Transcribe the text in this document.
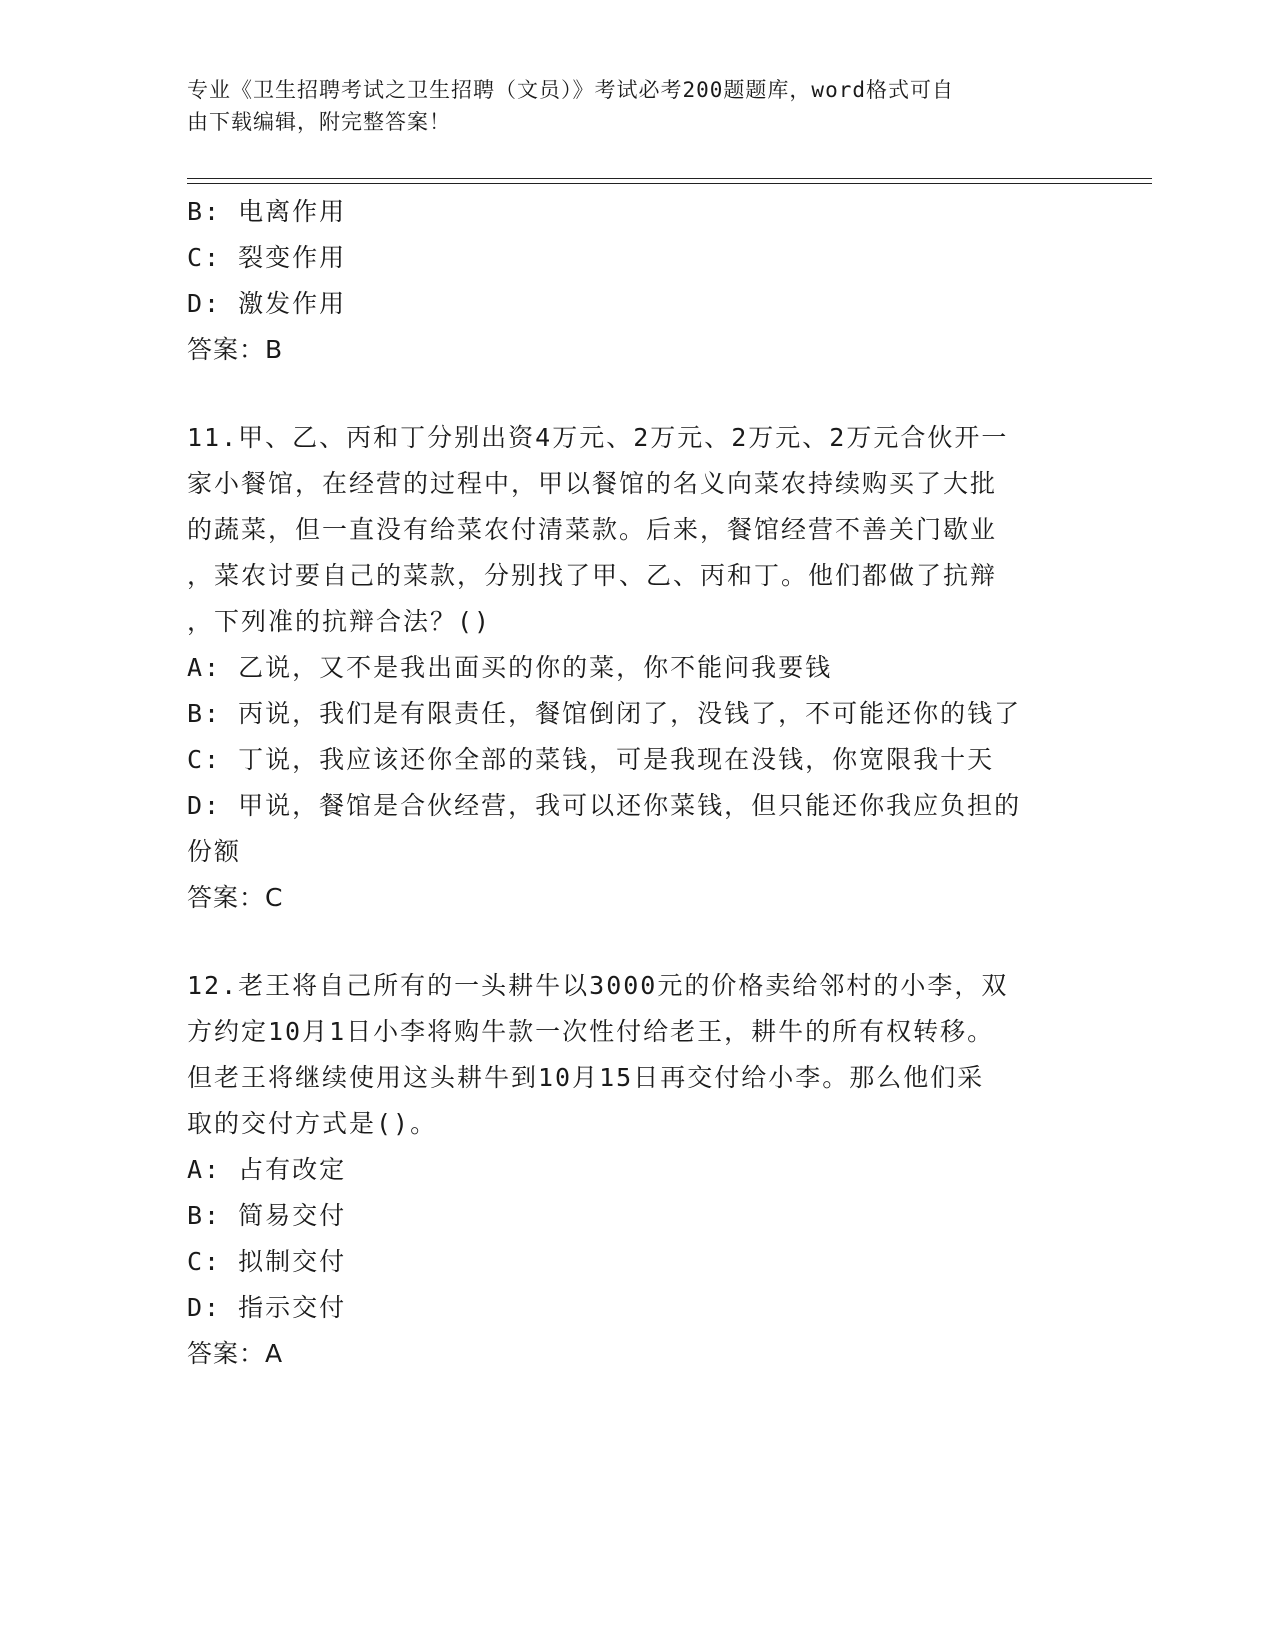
专业《卫生招聘考试之卫生招聘（文员）》考试必考200题题库，word格式可自
由下载编辑，附完整答案！
B: 电离作用
C: 裂变作用
D: 激发作用
答案：B
11.甲、乙、丙和丁分别出资4万元、2万元、2万元、2万元合伙开一
家小餐馆，在经营的过程中，甲以餐馆的名义向菜农持续购买了大批
的蔬菜，但一直没有给菜农付清菜款。后来，餐馆经营不善关门歇业
，菜农讨要自己的菜款，分别找了甲、乙、丙和丁。他们都做了抗辩
，下列准的抗辩合法？()
A: 乙说，又不是我出面买的你的菜，你不能问我要钱
B: 丙说，我们是有限责任，餐馆倒闭了，没钱了，不可能还你的钱了
C: 丁说，我应该还你全部的菜钱，可是我现在没钱，你宽限我十天
D: 甲说，餐馆是合伙经营，我可以还你菜钱，但只能还你我应负担的
份额
答案：C
12.老王将自己所有的一头耕牛以3000元的价格卖给邻村的小李，双
方约定10月1日小李将购牛款一次性付给老王，耕牛的所有权转移。
但老王将继续使用这头耕牛到10月15日再交付给小李。那么他们采
取的交付方式是()。
A: 占有改定
B: 简易交付
C: 拟制交付
D: 指示交付
答案：A
